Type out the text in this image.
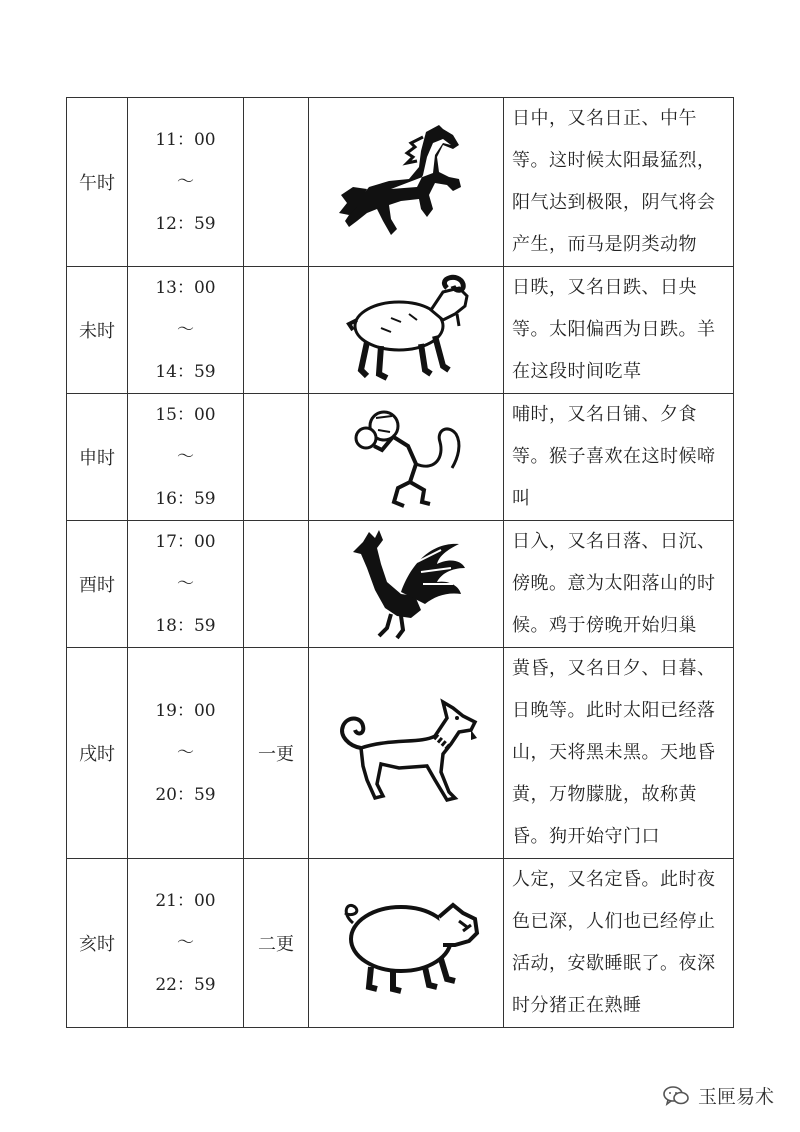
午时	11：00
～
12：59			日中，又名日正、中午等。这时候太阳最猛烈，阳气达到极限，阴气将会产生，而马是阴类动物
未时	13：00
～
14：59			日昳，又名日跌、日央等。太阳偏西为日跌。羊在这段时间吃草
申时	15：00
～
16：59			哺时，又名日铺、夕食等。猴子喜欢在这时候啼叫
酉时	17：00
～
18：59			日入，又名日落、日沉、傍晚。意为太阳落山的时候。鸡于傍晚开始归巢
戌时	19：00
～
20：59	一更		黄昏，又名日夕、日暮、日晚等。此时太阳已经落山，天将黑未黑。天地昏黄，万物朦胧，故称黄昏。狗开始守门口
亥时	21：00
～
22：59	二更		人定，又名定昏。此时夜色已深，人们也已经停止活动，安歇睡眠了。夜深时分猪正在熟睡
玉匣易术
